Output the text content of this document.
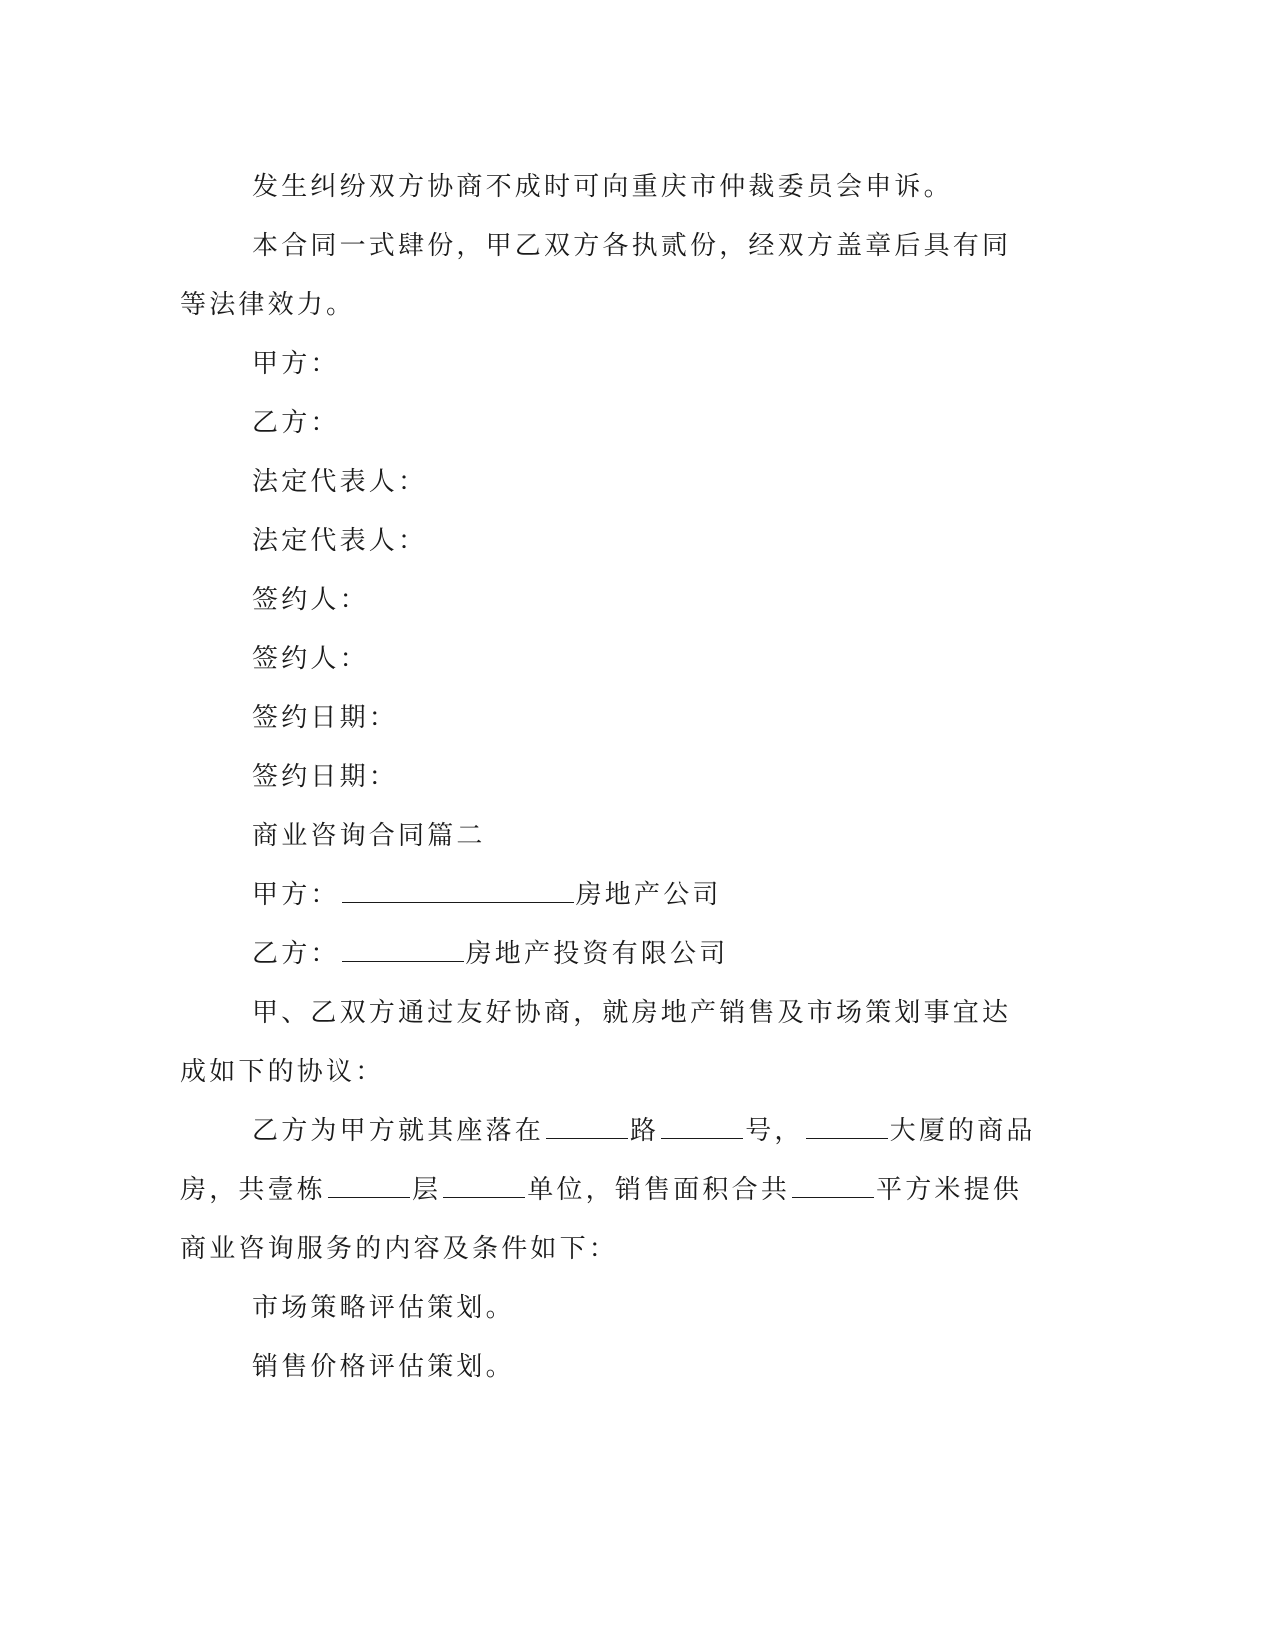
发生纠纷双方协商不成时可向重庆市仲裁委员会申诉。

本合同一式肆份，甲乙双方各执贰份，经双方盖章后具有同等法律效力。

甲方：

乙方：

法定代表人：

法定代表人：

签约人：

签约人：

签约日期：

签约日期：

商业咨询合同篇二

甲方：	房地产公司

乙方：	房地产投资有限公司

甲、乙双方通过友好协商，就房地产销售及市场策划事宜达成如下的协议：

乙方为甲方就其座落在	路	号，	大厦的商品房，共壹栋	层	单位，销售面积合共	平方米提供商业咨询服务的内容及条件如下：

市场策略评估策划。

销售价格评估策划。
